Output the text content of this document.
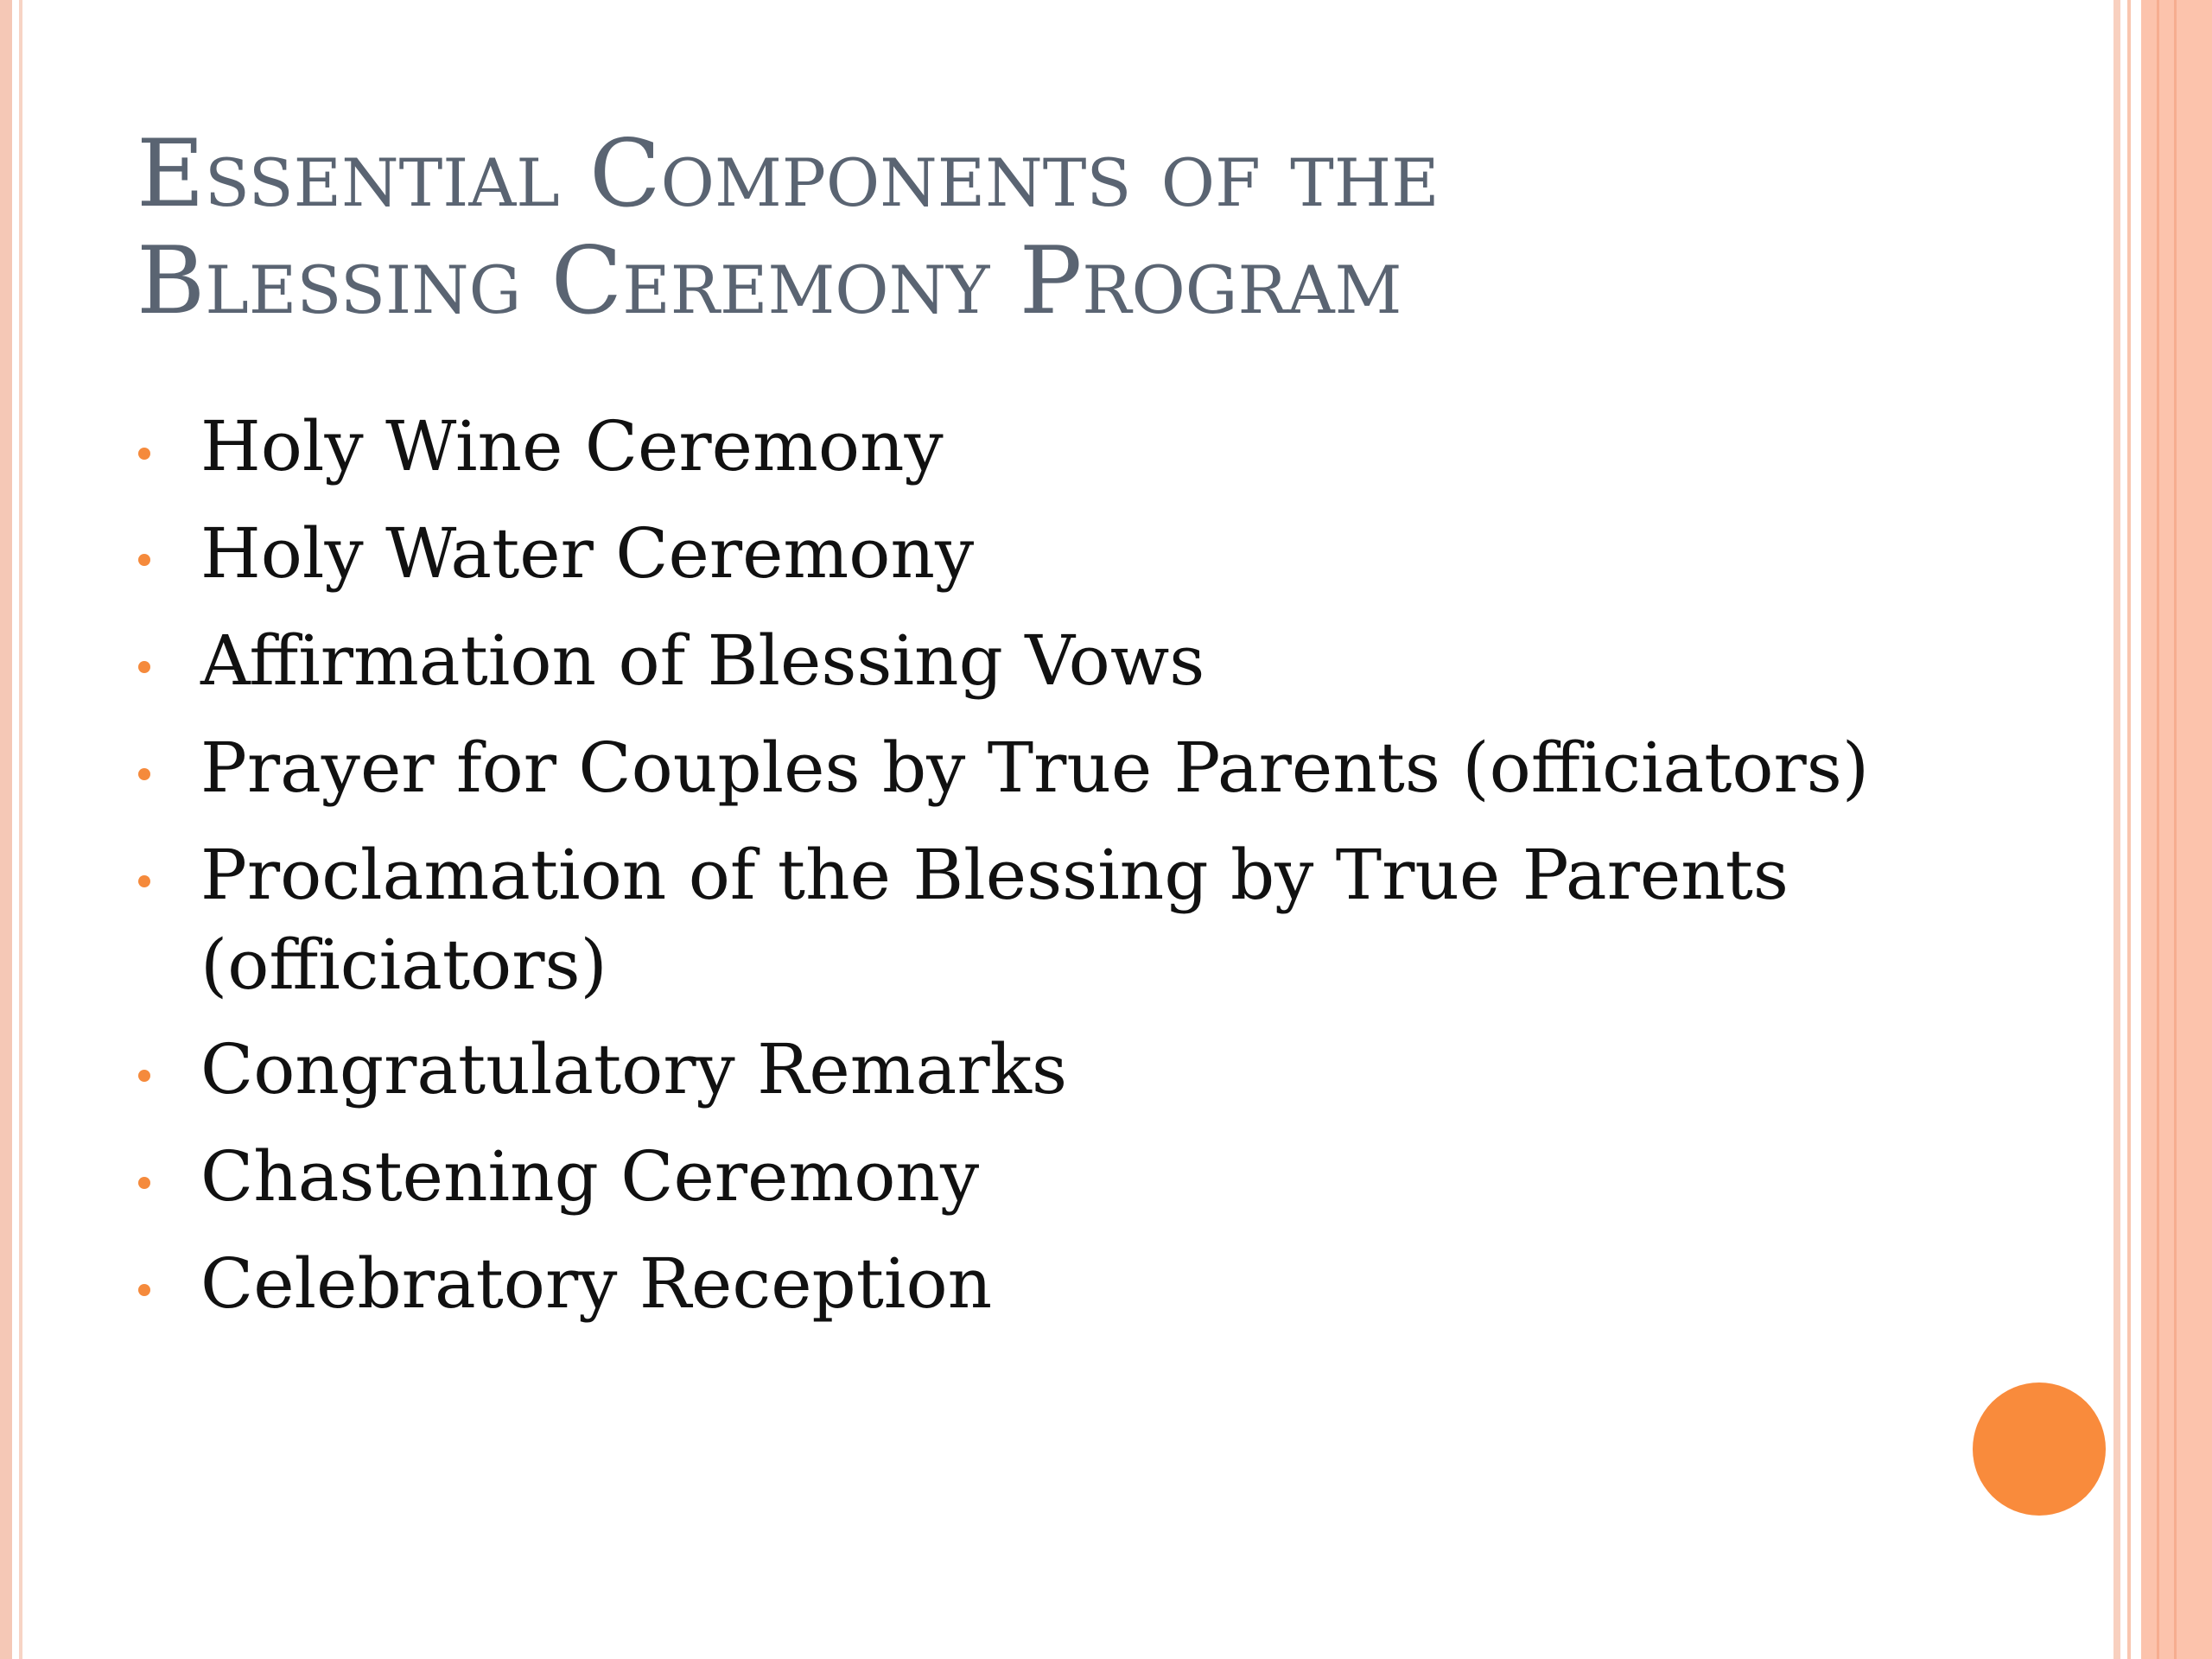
Essential Components of the
Blessing Ceremony Program
Holy Wine Ceremony
Holy Water Ceremony
Affirmation of Blessing Vows
Prayer for Couples by True Parents (officiators)
Proclamation of the Blessing by True Parents
(officiators)
Congratulatory Remarks
Chastening Ceremony
Celebratory Reception
